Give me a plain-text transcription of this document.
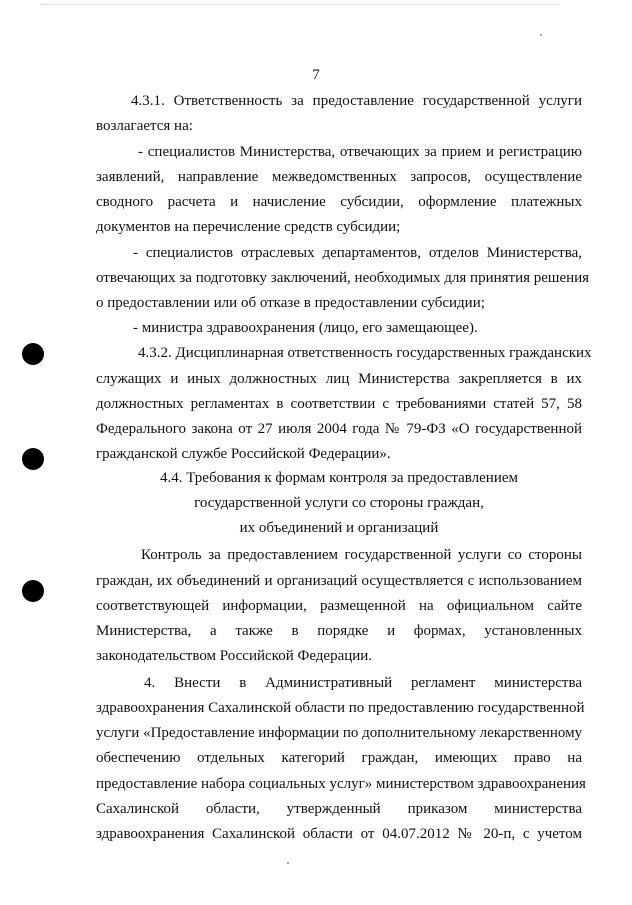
7
4.3.1. Ответственность за предоставление государственной услуги
возлагается на:
- специалистов Министерства, отвечающих за прием и регистрацию
заявлений, направление межведомственных запросов, осуществление
сводного расчета и начисление субсидии, оформление платежных
документов на перечисление средств субсидии;
- специалистов отраслевых департаментов, отделов Министерства,
отвечающих за подготовку заключений, необходимых для принятия решения
о предоставлении или об отказе в предоставлении субсидии;
- министра здравоохранения (лицо, его замещающее).
4.3.2. Дисциплинарная ответственность государственных гражданских
служащих и иных должностных лиц Министерства закрепляется в их
должностных регламентах в соответствии с требованиями статей 57, 58
Федерального закона от 27 июля 2004 года № 79-ФЗ «О государственной
гражданской службе Российской Федерации».
4.4. Требования к формам контроля за предоставлением
государственной услуги со стороны граждан,
их объединений и организаций
Контроль за предоставлением государственной услуги со стороны
граждан, их объединений и организаций осуществляется с использованием
соответствующей информации, размещенной на официальном сайте
Министерства, а также в порядке и формах, установленных
законодательством Российской Федерации.
4. Внести в Административный регламент министерства
здравоохранения Сахалинской области по предоставлению государственной
услуги «Предоставление информации по дополнительному лекарственному
обеспечению отдельных категорий граждан, имеющих право на
предоставление набора социальных услуг» министерством здравоохранения
Сахалинской области, утвержденный приказом министерства
здравоохранения Сахалинской области от 04.07.2012 № 20-п, с учетом
